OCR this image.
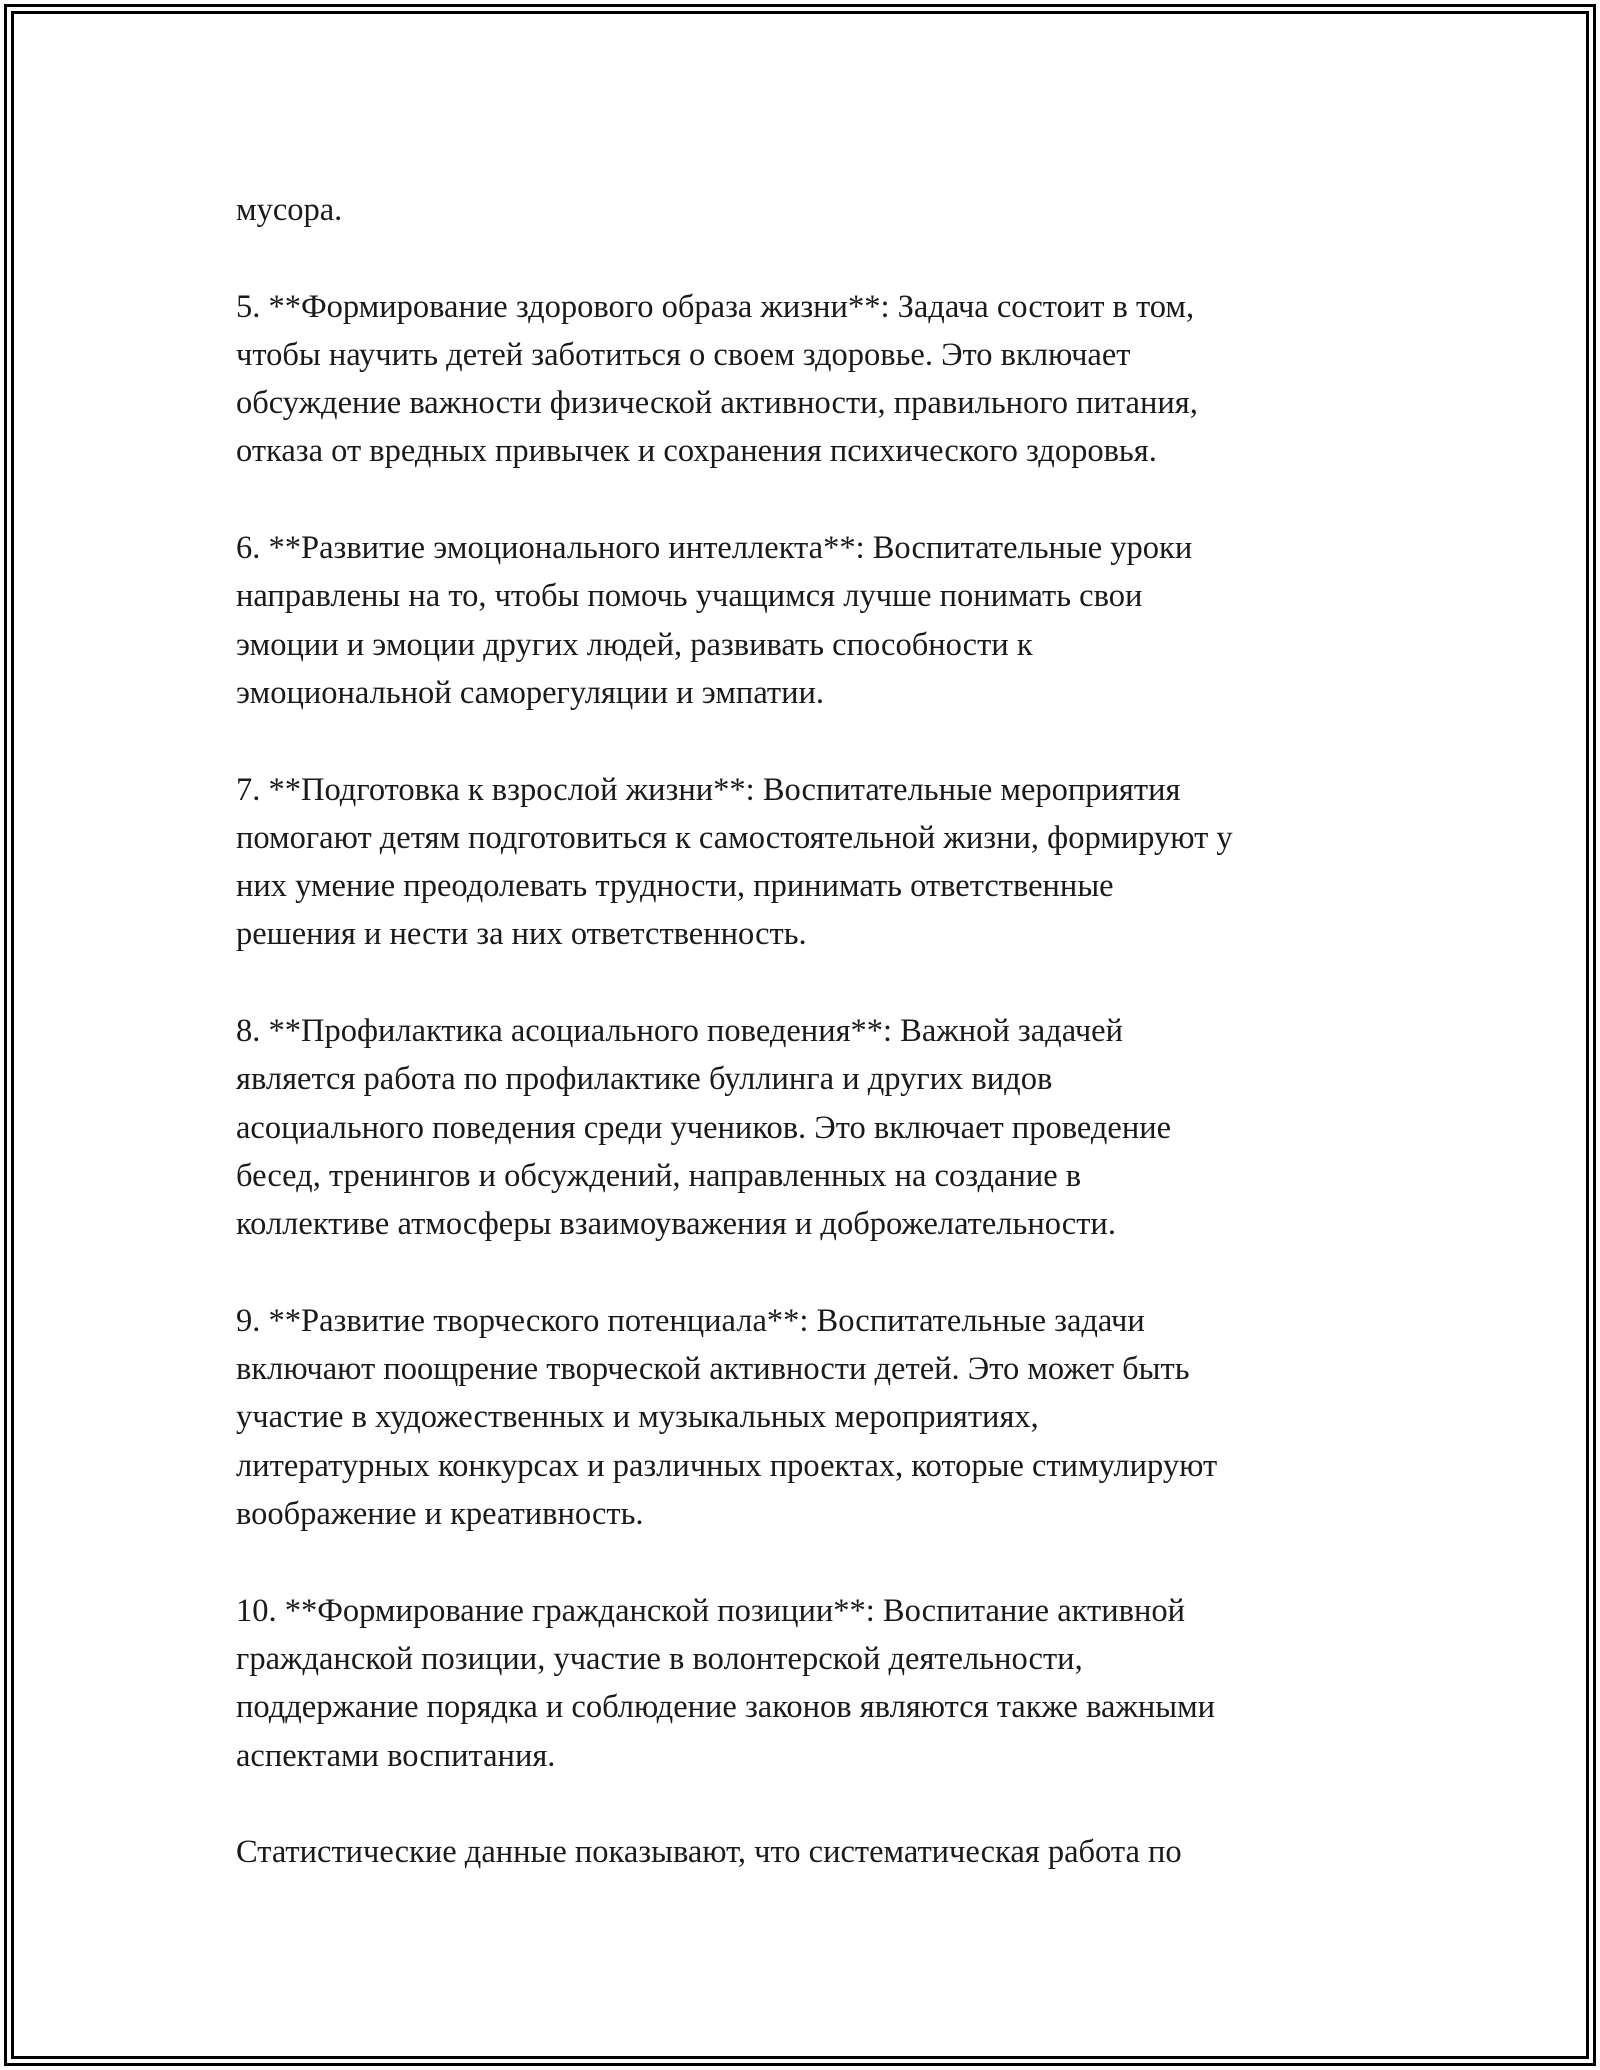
мусора.

5. **Формирование здорового образа жизни**: Задача состоит в том,
чтобы научить детей заботиться о своем здоровье. Это включает
обсуждение важности физической активности, правильного питания,
отказа от вредных привычек и сохранения психического здоровья.

6. **Развитие эмоционального интеллекта**: Воспитательные уроки
направлены на то, чтобы помочь учащимся лучше понимать свои
эмоции и эмоции других людей, развивать способности к
эмоциональной саморегуляции и эмпатии.

7. **Подготовка к взрослой жизни**: Воспитательные мероприятия
помогают детям подготовиться к самостоятельной жизни, формируют у
них умение преодолевать трудности, принимать ответственные
решения и нести за них ответственность.

8. **Профилактика асоциального поведения**: Важной задачей
является работа по профилактике буллинга и других видов
асоциального поведения среди учеников. Это включает проведение
бесед, тренингов и обсуждений, направленных на создание в
коллективе атмосферы взаимоуважения и доброжелательности.

9. **Развитие творческого потенциала**: Воспитательные задачи
включают поощрение творческой активности детей. Это может быть
участие в художественных и музыкальных мероприятиях,
литературных конкурсах и различных проектах, которые стимулируют
воображение и креативность.

10. **Формирование гражданской позиции**: Воспитание активной
гражданской позиции, участие в волонтерской деятельности,
поддержание порядка и соблюдение законов являются также важными
аспектами воспитания.

Статистические данные показывают, что систематическая работа по
